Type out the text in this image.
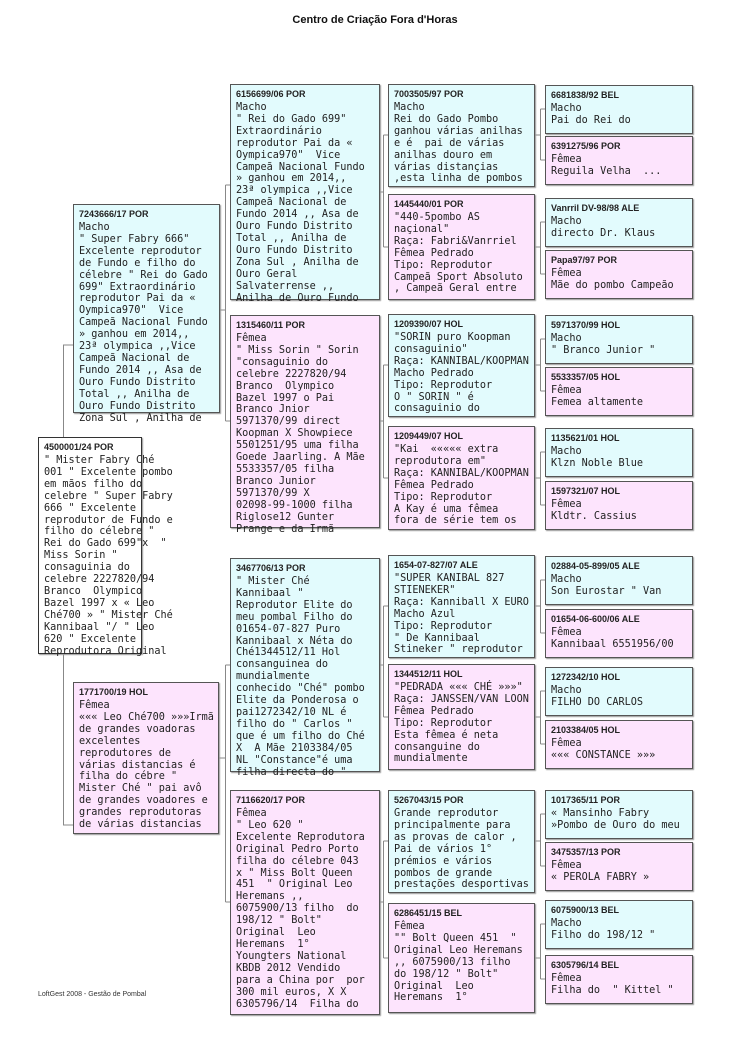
Centro de Criação Fora d'Horas
4500001/24 POR
" Mister Fabry Ché
001 " Excelente pombo
em mãos filho do
celebre " Super Fabry
666 " Excelente
reprodutor de Fundo e
filho do célebre "
Rei do Gado 699"x  "
Miss Sorin "
consaguinia do
celebre 2227820/94
Branco  Olympico
Bazel 1997 x « Leo
Ché700 » " Mister Ché
Kannibaal "/ " Leo
620 " Excelente
Reprodutora Original
7243666/17 POR
Macho
" Super Fabry 666"
Excelente reprodutor
de Fundo e filho do
célebre " Rei do Gado
699" Extraordinário
reprodutor Pai da «
Oympica970"  Vice
Campeã Nacional Fundo
» ganhou em 2014,,
23ª olympica ,,Vice
Campeã Nacional de
Fundo 2014 ,, Asa de
Ouro Fundo Distrito
Total ,, Anilha de
Ouro Fundo Distrito
Zona Sul , Anilha de
1771700/19 HOL
Fêmea
««« Leo Ché700 »»»Irmã
de grandes voadoras
excelentes
reprodutores de
várias distancias é
filha do cébre "
Mister Ché " pai avô
de grandes voadores e
grandes reprodutoras
de várias distancias
6156699/06 POR
Macho
" Rei do Gado 699"
Extraordinário
reprodutor Pai da «
Oympica970"  Vice
Campeã Nacional Fundo
» ganhou em 2014,,
23ª olympica ,,Vice
Campeã Nacional de
Fundo 2014 ,, Asa de
Ouro Fundo Distrito
Total ,, Anilha de
Ouro Fundo Distrito
Zona Sul , Anilha de
Ouro Geral
Salvaterrense ,,
Anilha de Ouro Fundo
1315460/11 POR
Fêmea
" Miss Sorin " Sorin
"consaguinio do
celebre 2227820/94
Branco  Olympico
Bazel 1997 o Pai
Branco Jnior
5971370/99 direct
Koopman X Showpiece
5501251/95 uma filha
Goede Jaarling. A Mãe
5533357/05 filha
Branco Junior
5971370/99 X
02098-99-1000 filha
Riglose12 Gunter
Prange e da Irmã
3467706/13 POR
" Mister Ché
Kannibaal "
Reprodutor Elite do
meu pombal Filho do
01654-07-827 Puro
Kannibaal x Néta do
Ché1344512/11 Hol
consanguinea do
mundialmente
conhecido "Ché" pombo
Elite da Ponderosa o
pai1272342/10 NL é
filho do " Carlos "
que é um filho do Ché
X  A Mãe 2103384/05
NL "Constance"é uma
filha directa do "
7116620/17 POR
Fêmea
" Leo 620 "
Excelente Reprodutora
Original Pedro Porto
filha do célebre 043
x " Miss Bolt Queen
451  " Original Leo
Heremans ,,
6075900/13 filho  do
198/12 " Bolt"
Original  Leo
Heremans  1°
Youngters National
KBDB 2012 Vendido
para a China por  por
300 mil euros, X X
6305796/14  Filha do
7003505/97 POR
Macho
Rei do Gado Pombo
ganhou várias anilhas
e é  pai de várias
anilhas douro em
várias distançias
,esta linha de pombos
1445440/01 POR
"440-5pombo AS
naçional"
Raça: Fabri&Vanrriel
Fêmea Pedrado
Tipo: Reprodutor
Campeã Sport Absoluto
, Campeã Geral entre
1209390/07 HOL
"SORIN puro Koopman
consaguinio"
Raça: KANNIBAL/KOOPMAN
Macho Pedrado
Tipo: Reprodutor
O " SORIN " é
consaguinio do
1209449/07 HOL
"Kai  ««««« extra
reprodutora em"
Raça: KANNIBAL/KOOPMAN
Fêmea Pedrado
Tipo: Reprodutor
A Kay é uma fêmea
fora de série tem os
1654-07-827/07 ALE
"SUPER KANIBAL 827
STIENEKER"
Raça: Kanniball X EURO
Macho Azul
Tipo: Reprodutor
" De Kannibaal
Stineker " reprodutor
1344512/11 HOL
"PEDRADA ««« CHÉ »»»"
Raça: JANSSEN/VAN LOON
Fêmea Pedrado
Tipo: Reprodutor
Esta fêmea é neta
consanguine do
mundialmente
5267043/15 POR
Grande reprodutor
principalmente para
as provas de calor ,
Pai de vários 1°
prémios e vários
pombos de grande
prestações desportivas
6286451/15 BEL
Fêmea
"" Bolt Queen 451  "
Original Leo Heremans
,, 6075900/13 filho
do 198/12 " Bolt"
Original  Leo
Heremans  1°
6681838/92 BEL
Macho
Pai do Rei do
6391275/96 POR
Fêmea
Reguila Velha  ...
Vanrril DV-98/98 ALE
Macho
directo Dr. Klaus
Papa97/97 POR
Fêmea
Mãe do pombo Campeão
5971370/99 HOL
Macho
" Branco Junior "
5533357/05 HOL
Fêmea
Femea altamente
1135621/01 HOL
Macho
Klzn Noble Blue
1597321/07 HOL
Fêmea
Kldtr. Cassius
02884-05-899/05 ALE
Macho
Son Eurostar " Van
01654-06-600/06 ALE
Fêmea
Kannibaal 6551956/00
1272342/10 HOL
Macho
FILHO DO CARLOS
2103384/05 HOL
Fêmea
««« CONSTANCE »»»
1017365/11 POR
« Mansinho Fabry
»Pombo de Ouro do meu
3475357/13 POR
Fêmea
« PEROLA FABRY »
6075900/13 BEL
Macho
Filho do 198/12 "
6305796/14 BEL
Fêmea
Filha do  " Kittel "
LoftGest 2008 - Gestão de Pombal
